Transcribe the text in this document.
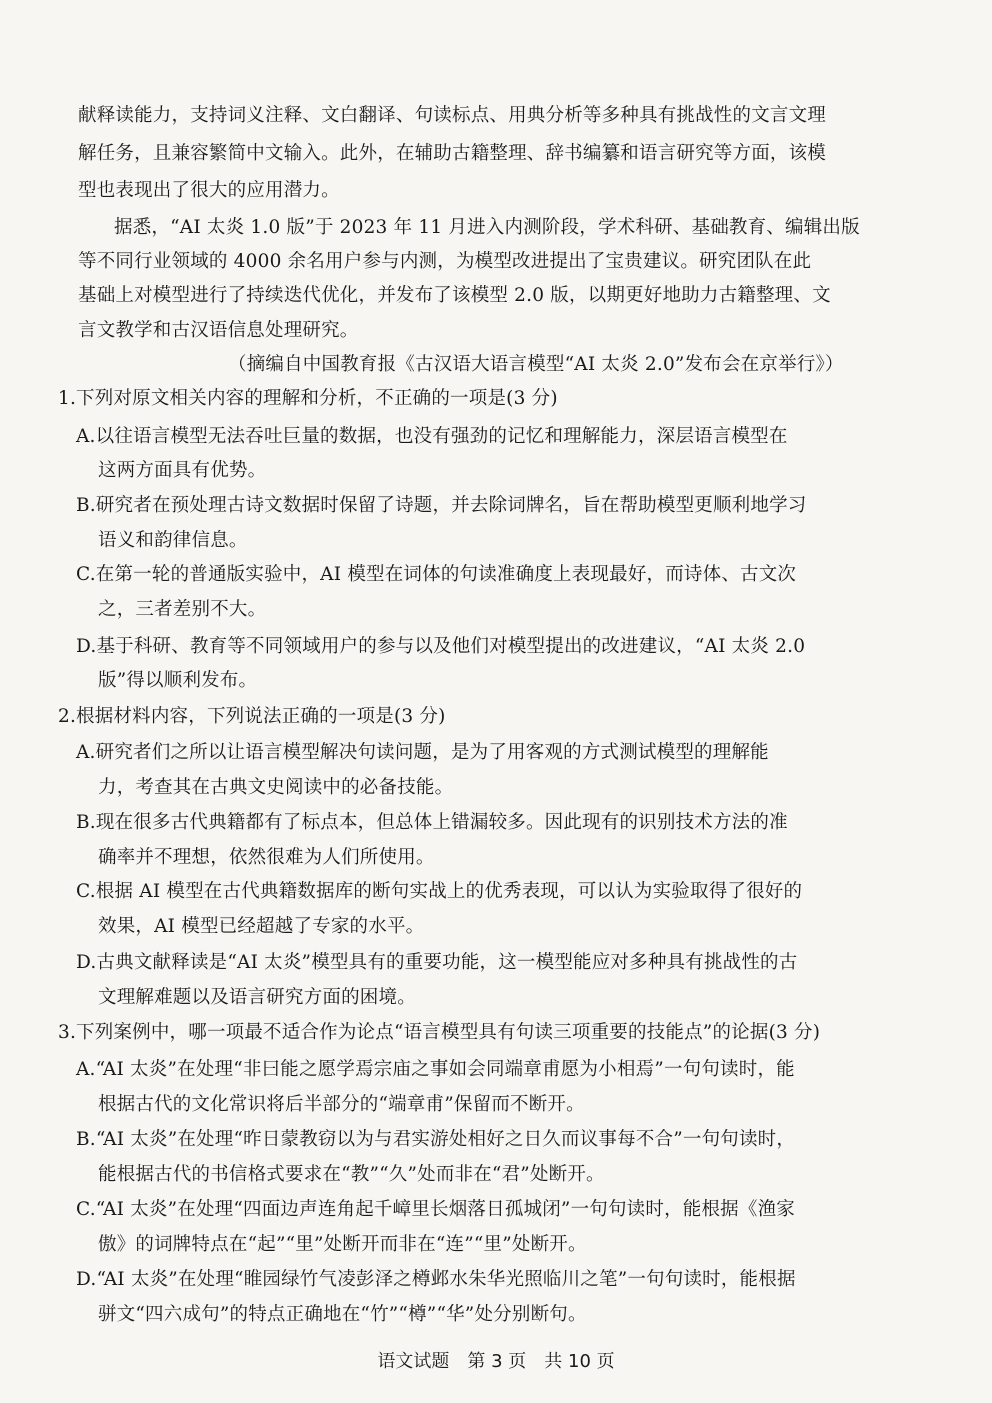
献释读能力，支持词义注释、文白翻译、句读标点、用典分析等多种具有挑战性的文言文理
解任务，且兼容繁简中文输入。此外，在辅助古籍整理、辞书编纂和语言研究等方面，该模
型也表现出了很大的应用潜力。
据悉，“AI 太炎 1.0 版”于 2023 年 11 月进入内测阶段，学术科研、基础教育、编辑出版
等不同行业领域的 4000 余名用户参与内测，为模型改进提出了宝贵建议。研究团队在此
基础上对模型进行了持续迭代优化，并发布了该模型 2.0 版，以期更好地助力古籍整理、文
言文教学和古汉语信息处理研究。
（摘编自中国教育报《古汉语大语言模型“AI 太炎 2.0”发布会在京举行》）
1.下列对原文相关内容的理解和分析，不正确的一项是(3 分)
A.以往语言模型无法吞吐巨量的数据，也没有强劲的记忆和理解能力，深层语言模型在
这两方面具有优势。
B.研究者在预处理古诗文数据时保留了诗题，并去除词牌名，旨在帮助模型更顺利地学习
语义和韵律信息。
C.在第一轮的普通版实验中，AI 模型在词体的句读准确度上表现最好，而诗体、古文次
之，三者差别不大。
D.基于科研、教育等不同领域用户的参与以及他们对模型提出的改进建议，“AI 太炎 2.0
版”得以顺利发布。
2.根据材料内容，下列说法正确的一项是(3 分)
A.研究者们之所以让语言模型解决句读问题，是为了用客观的方式测试模型的理解能
力，考查其在古典文史阅读中的必备技能。
B.现在很多古代典籍都有了标点本，但总体上错漏较多。因此现有的识别技术方法的准
确率并不理想，依然很难为人们所使用。
C.根据 AI 模型在古代典籍数据库的断句实战上的优秀表现，可以认为实验取得了很好的
效果，AI 模型已经超越了专家的水平。
D.古典文献释读是“AI 太炎”模型具有的重要功能，这一模型能应对多种具有挑战性的古
文理解难题以及语言研究方面的困境。
3.下列案例中，哪一项最不适合作为论点“语言模型具有句读三项重要的技能点”的论据(3 分)
A.“AI 太炎”在处理“非曰能之愿学焉宗庙之事如会同端章甫愿为小相焉”一句句读时，能
根据古代的文化常识将后半部分的“端章甫”保留而不断开。
B.“AI 太炎”在处理“昨日蒙教窃以为与君实游处相好之日久而议事每不合”一句句读时，
能根据古代的书信格式要求在“教”“久”处而非在“君”处断开。
C.“AI 太炎”在处理“四面边声连角起千嶂里长烟落日孤城闭”一句句读时，能根据《渔家
傲》的词牌特点在“起”“里”处断开而非在“连”“里”处断开。
D.“AI 太炎”在处理“睢园绿竹气凌彭泽之樽邺水朱华光照临川之笔”一句句读时，能根据
骈文“四六成句”的特点正确地在“竹”“樽”“华”处分别断句。
语文试题　第 3 页　共 10 页
